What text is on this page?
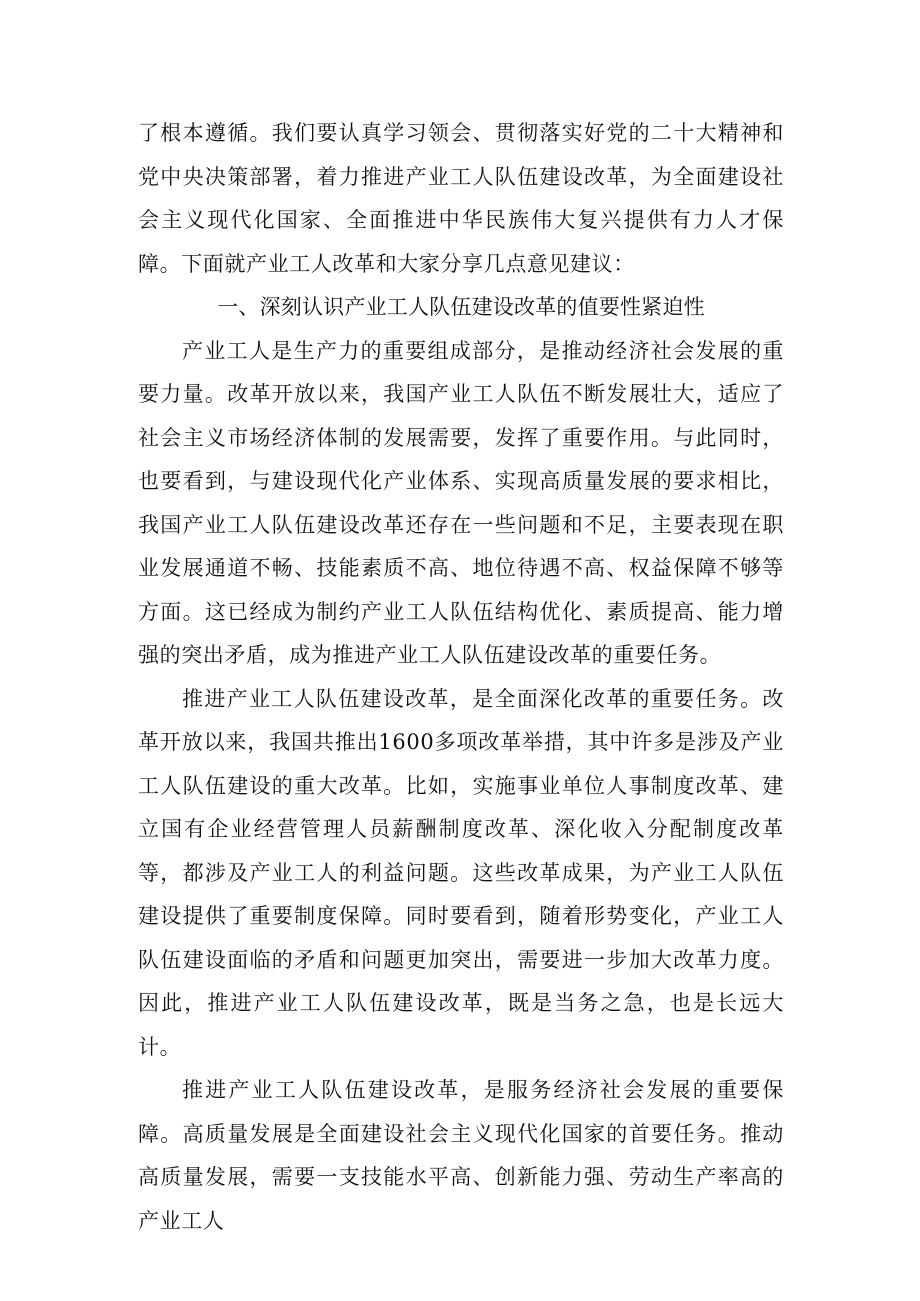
了根本遵循。我们要认真学习领会、贯彻落实好党的二十大精神和党中央决策部署，着力推进产业工人队伍建设改革，为全面建设社会主义现代化国家、全面推进中华民族伟大复兴提供有力人才保障。下面就产业工人改革和大家分享几点意见建议：

一、深刻认识产业工人队伍建设改革的值要性紧迫性

产业工人是生产力的重要组成部分，是推动经济社会发展的重要力量。改革开放以来，我国产业工人队伍不断发展壮大，适应了社会主义市场经济体制的发展需要，发挥了重要作用。与此同时，也要看到，与建设现代化产业体系、实现高质量发展的要求相比，我国产业工人队伍建设改革还存在一些问题和不足，主要表现在职业发展通道不畅、技能素质不高、地位待遇不高、权益保障不够等方面。这已经成为制约产业工人队伍结构优化、素质提高、能力增强的突出矛盾，成为推进产业工人队伍建设改革的重要任务。

推进产业工人队伍建设改革，是全面深化改革的重要任务。改革开放以来，我国共推出1600多项改革举措，其中许多是涉及产业工人队伍建设的重大改革。比如，实施事业单位人事制度改革、建立国有企业经营管理人员薪酬制度改革、深化收入分配制度改革等，都涉及产业工人的利益问题。这些改革成果，为产业工人队伍建设提供了重要制度保障。同时要看到，随着形势变化，产业工人队伍建设面临的矛盾和问题更加突出，需要进一步加大改革力度。因此，推进产业工人队伍建设改革，既是当务之急，也是长远大计。

推进产业工人队伍建设改革，是服务经济社会发展的重要保障。高质量发展是全面建设社会主义现代化国家的首要任务。推动高质量发展，需要一支技能水平高、创新能力强、劳动生产率高的产业工人
